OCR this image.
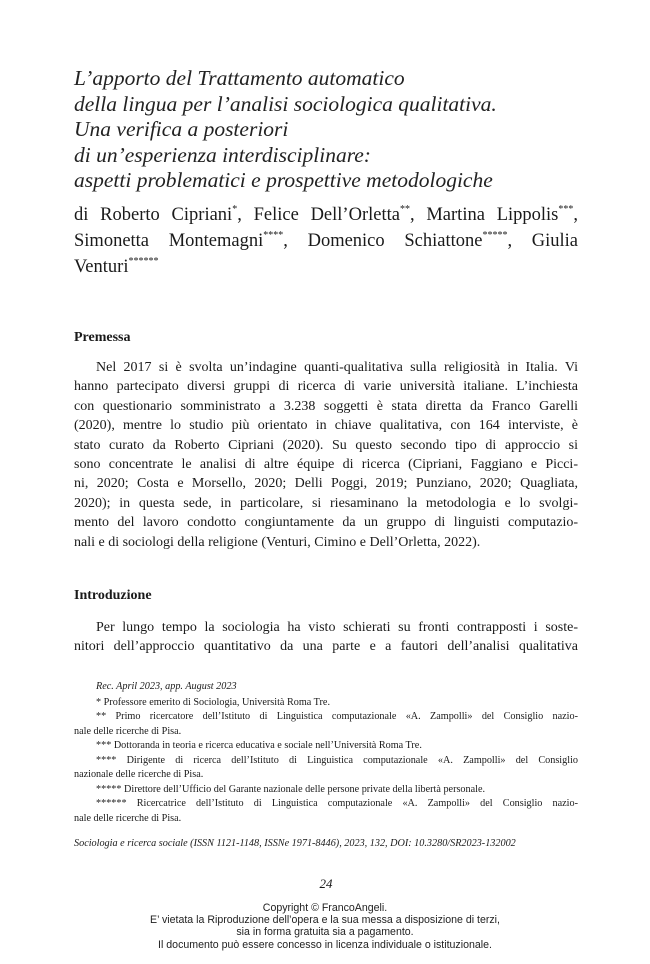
L’apporto del Trattamento automatico
della lingua per l’analisi sociologica qualitativa.
Una verifica a posteriori
di un’esperienza interdisciplinare:
aspetti problematici e prospettive metodologiche
di Roberto Cipriani*, Felice Dell’Orletta**, Martina Lippolis***, Simonetta Montemagni****, Domenico Schiattone*****, Giulia Venturi******
Premessa
Nel 2017 si è svolta un’indagine quanti-qualitativa sulla religiosità in Italia. Vi
hanno partecipato diversi gruppi di ricerca di varie università italiane. L’inchiesta
con questionario somministrato a 3.238 soggetti è stata diretta da Franco Garelli
(2020), mentre lo studio più orientato in chiave qualitativa, con 164 interviste, è
stato curato da Roberto Cipriani (2020). Su questo secondo tipo di approccio si
sono concentrate le analisi di altre équipe di ricerca (Cipriani, Faggiano e Picci-
ni, 2020; Costa e Morsello, 2020; Delli Poggi, 2019; Punziano, 2020; Quagliata,
2020); in questa sede, in particolare, si riesaminano la metodologia e lo svolgi-
mento del lavoro condotto congiuntamente da un gruppo di linguisti computazio-
nali e di sociologi della religione (Venturi, Cimino e Dell’Orletta, 2022).
Introduzione
Per lungo tempo la sociologia ha visto schierati su fronti contrapposti i soste-
nitori dell’approccio quantitativo da una parte e a fautori dell’analisi qualitativa
Rec. April 2023, app. August 2023
* Professore emerito di Sociologia, Università Roma Tre.
** Primo ricercatore dell’Istituto di Linguistica computazionale «A. Zampolli» del Consiglio nazio-
nale delle ricerche di Pisa.
*** Dottoranda in teoria e ricerca educativa e sociale nell’Università Roma Tre.
**** Dirigente di ricerca dell’Istituto di Linguistica computazionale «A. Zampolli» del Consiglio
nazionale delle ricerche di Pisa.
***** Direttore dell’Ufficio del Garante nazionale delle persone private della libertà personale.
****** Ricercatrice dell’Istituto di Linguistica computazionale «A. Zampolli» del Consiglio nazio-
nale delle ricerche di Pisa.
Sociologia e ricerca sociale (ISSN 1121-1148, ISSNe 1971-8446), 2023, 132, DOI: 10.3280/SR2023-132002
24
Copyright © FrancoAngeli.
E’ vietata la Riproduzione dell’opera e la sua messa a disposizione di terzi,
sia in forma gratuita sia a pagamento.
Il documento può essere concesso in licenza individuale o istituzionale.
